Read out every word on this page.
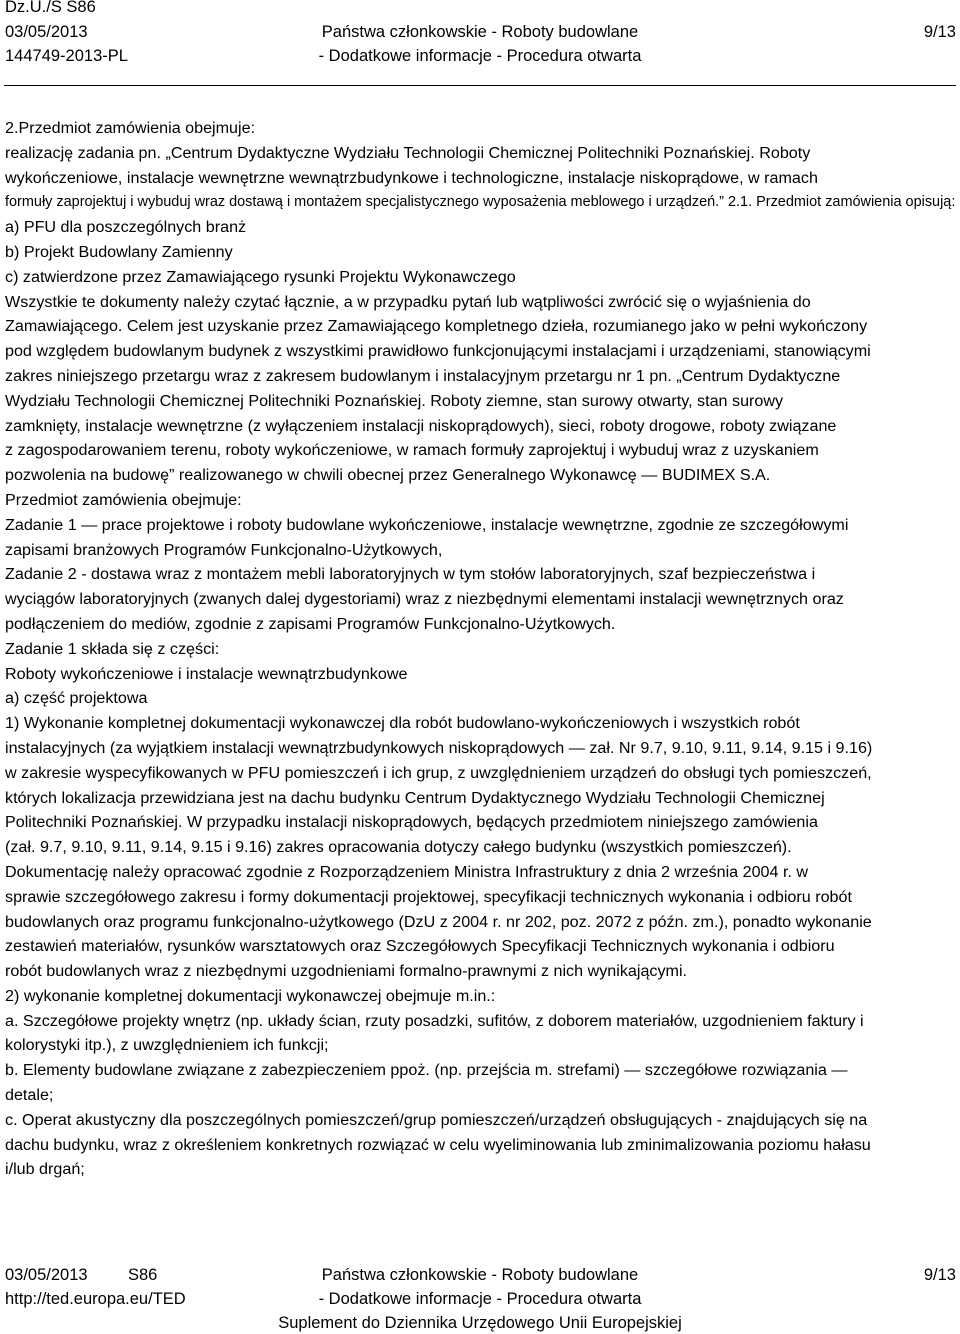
Dz.U./S S86
03/05/2013	Państwa członkowskie - Roboty budowlane	9/13
144749-2013-PL	- Dodatkowe informacje - Procedura otwarta
2.Przedmiot zamówienia obejmuje:
realizację zadania pn. „Centrum Dydaktyczne Wydziału Technologii Chemicznej Politechniki Poznańskiej. Roboty
wykończeniowe, instalacje wewnętrzne wewnątrzbudynkowe i technologiczne, instalacje niskoprądowe, w ramach
formuły zaprojektuj i wybuduj wraz dostawą i montażem specjalistycznego wyposażenia meblowego i urządzeń.” 2.1. Przedmiot zamówienia opisują:
a) PFU dla poszczególnych branż
b) Projekt Budowlany Zamienny
c) zatwierdzone przez Zamawiającego rysunki Projektu Wykonawczego
Wszystkie te dokumenty należy czytać łącznie, a w przypadku pytań lub wątpliwości zwrócić się o wyjaśnienia do
Zamawiającego. Celem jest uzyskanie przez Zamawiającego kompletnego dzieła, rozumianego jako w pełni wykończony
pod względem budowlanym budynek z wszystkimi prawidłowo funkcjonującymi instalacjami i urządzeniami, stanowiącymi
zakres niniejszego przetargu wraz z zakresem budowlanym i instalacyjnym przetargu nr 1 pn. „Centrum Dydaktyczne
Wydziału Technologii Chemicznej Politechniki Poznańskiej. Roboty ziemne, stan surowy otwarty, stan surowy
zamknięty, instalacje wewnętrzne (z wyłączeniem instalacji niskoprądowych), sieci, roboty drogowe, roboty związane
z zagospodarowaniem terenu, roboty wykończeniowe, w ramach formuły zaprojektuj i wybuduj wraz z uzyskaniem
pozwolenia na budowę” realizowanego w chwili obecnej przez Generalnego Wykonawcę — BUDIMEX S.A.
Przedmiot zamówienia obejmuje:
Zadanie 1 — prace projektowe i roboty budowlane wykończeniowe, instalacje wewnętrzne, zgodnie ze szczegółowymi
zapisami branżowych Programów Funkcjonalno-Użytkowych,
Zadanie 2 - dostawa wraz z montażem mebli laboratoryjnych w tym stołów laboratoryjnych, szaf bezpieczeństwa i
wyciągów laboratoryjnych (zwanych dalej dygestoriami) wraz z niezbędnymi elementami instalacji wewnętrznych oraz
podłączeniem do mediów, zgodnie z zapisami Programów Funkcjonalno-Użytkowych.
Zadanie 1 składa się z części:
Roboty wykończeniowe i instalacje wewnątrzbudynkowe
a) część projektowa
1) Wykonanie kompletnej dokumentacji wykonawczej dla robót budowlano-wykończeniowych i wszystkich robót
instalacyjnych (za wyjątkiem instalacji wewnątrzbudynkowych niskoprądowych — zał. Nr 9.7, 9.10, 9.11, 9.14, 9.15 i 9.16)
w zakresie wyspecyfikowanych w PFU pomieszczeń i ich grup, z uwzględnieniem urządzeń do obsługi tych pomieszczeń,
których lokalizacja przewidziana jest na dachu budynku Centrum Dydaktycznego Wydziału Technologii Chemicznej
Politechniki Poznańskiej. W przypadku instalacji niskoprądowych, będących przedmiotem niniejszego zamówienia
(zał. 9.7, 9.10, 9.11, 9.14, 9.15 i 9.16) zakres opracowania dotyczy całego budynku (wszystkich pomieszczeń).
Dokumentację należy opracować zgodnie z Rozporządzeniem Ministra Infrastruktury z dnia 2 września 2004 r. w
sprawie szczegółowego zakresu i formy dokumentacji projektowej, specyfikacji technicznych wykonania i odbioru robót
budowlanych oraz programu funkcjonalno-użytkowego (DzU z 2004 r. nr 202, poz. 2072 z późn. zm.), ponadto wykonanie
zestawień materiałów, rysunków warsztatowych oraz Szczegółowych Specyfikacji Technicznych wykonania i odbioru
robót budowlanych wraz z niezbędnymi uzgodnieniami formalno-prawnymi z nich wynikającymi.
2) wykonanie kompletnej dokumentacji wykonawczej obejmuje m.in.:
a. Szczegółowe projekty wnętrz (np. układy ścian, rzuty posadzki, sufitów, z doborem materiałów, uzgodnieniem faktury i
kolorystyki itp.), z uwzględnieniem ich funkcji;
b. Elementy budowlane związane z zabezpieczeniem ppoż. (np. przejścia m. strefami) — szczegółowe rozwiązania —
detale;
c. Operat akustyczny dla poszczególnych pomieszczeń/grup pomieszczeń/urządzeń obsługujących - znajdujących się na
dachu budynku, wraz z określeniem konkretnych rozwiązać w celu wyeliminowania lub zminimalizowania poziomu hałasu
i/lub drgań;
03/05/2013 S86	Państwa członkowskie - Roboty budowlane	9/13
http://ted.europa.eu/TED	- Dodatkowe informacje - Procedura otwarta
Suplement do Dziennika Urzędowego Unii Europejskiej
